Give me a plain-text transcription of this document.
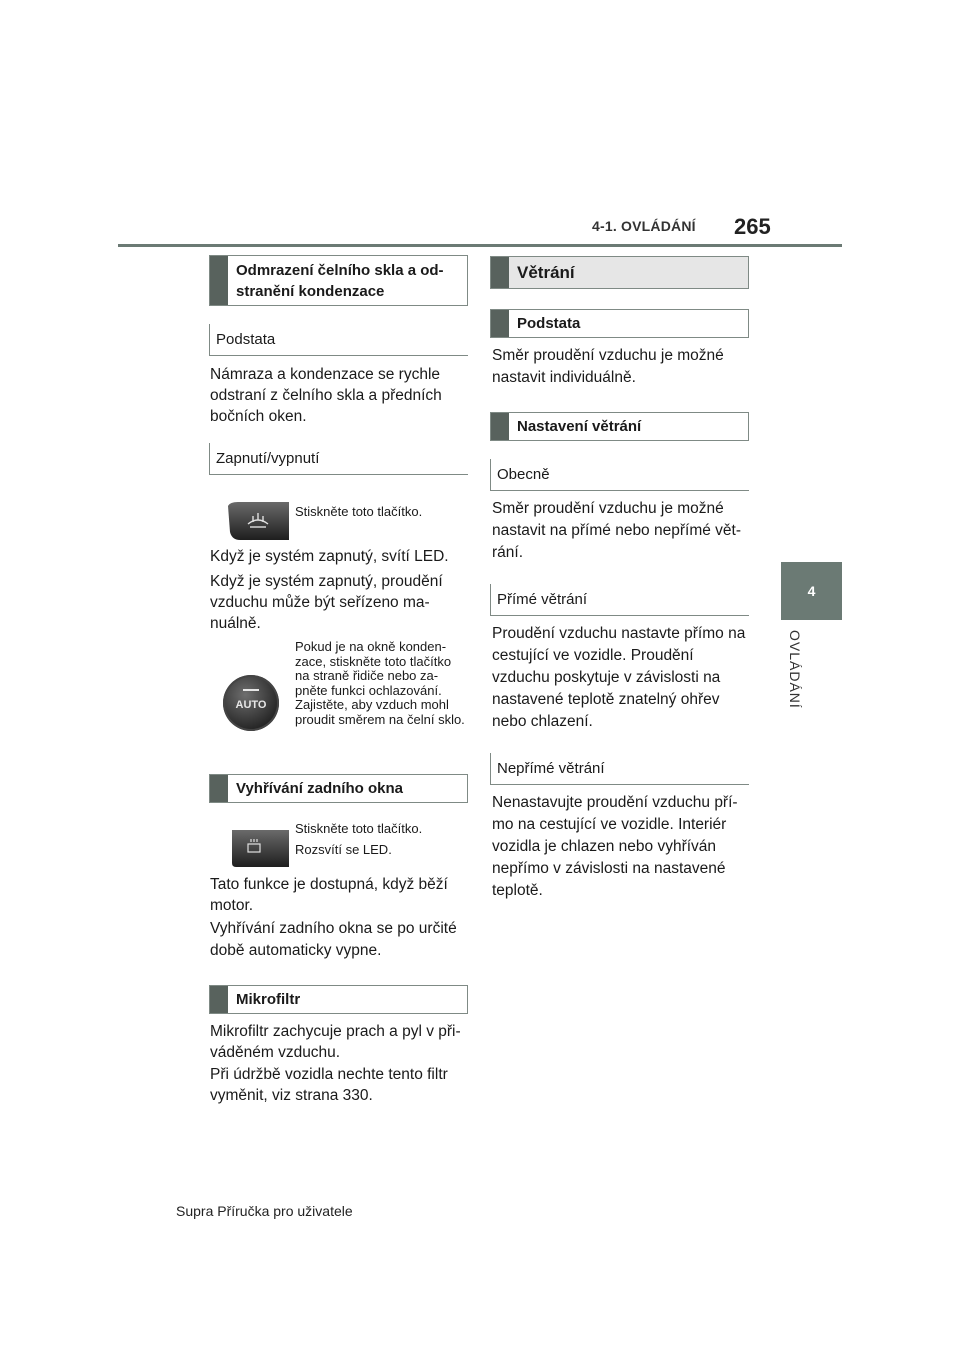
4-1. OVLÁDÁNÍ 265
4
OVLÁDÁNÍ
Odmrazení čelního skla a od-stranění kondenzace
Podstata
Námraza a kondenzace se rychle odstraní z čelního skla a předních bočních oken.
Zapnutí/vypnutí
Stiskněte toto tlačítko.
Když je systém zapnutý, svítí LED.
Když je systém zapnutý, proudění vzduchu může být seřízeno ma-nuálně.
AUTO
Pokud je na okně konden-zace, stiskněte toto tlačítko na straně řidiče nebo za-pněte funkci ochlazování. Zajistěte, aby vzduch mohl proudit směrem na čelní sklo.
Vyhřívání zadního okna
Stiskněte toto tlačítko.
Rozsvítí se LED.
Tato funkce je dostupná, když běží motor.
Vyhřívání zadního okna se po určité době automaticky vypne.
Mikrofiltr
Mikrofiltr zachycuje prach a pyl v při-váděném vzduchu.
Při údržbě vozidla nechte tento filtr vyměnit, viz strana 330.
Větrání
Podstata
Směr proudění vzduchu je možné nastavit individuálně.
Nastavení větrání
Obecně
Směr proudění vzduchu je možné nastavit na přímé nebo nepřímé vět-rání.
Přímé větrání
Proudění vzduchu nastavte přímo na cestující ve vozidle. Proudění vzduchu poskytuje v závislosti na nastavené teplotě znatelný ohřev nebo chlazení.
Nepřímé větrání
Nenastavujte proudění vzduchu pří-mo na cestující ve vozidle. Interiér vozidla je chlazen nebo vyhříván nepřímo v závislosti na nastavené teplotě.
Supra Příručka pro uživatele
